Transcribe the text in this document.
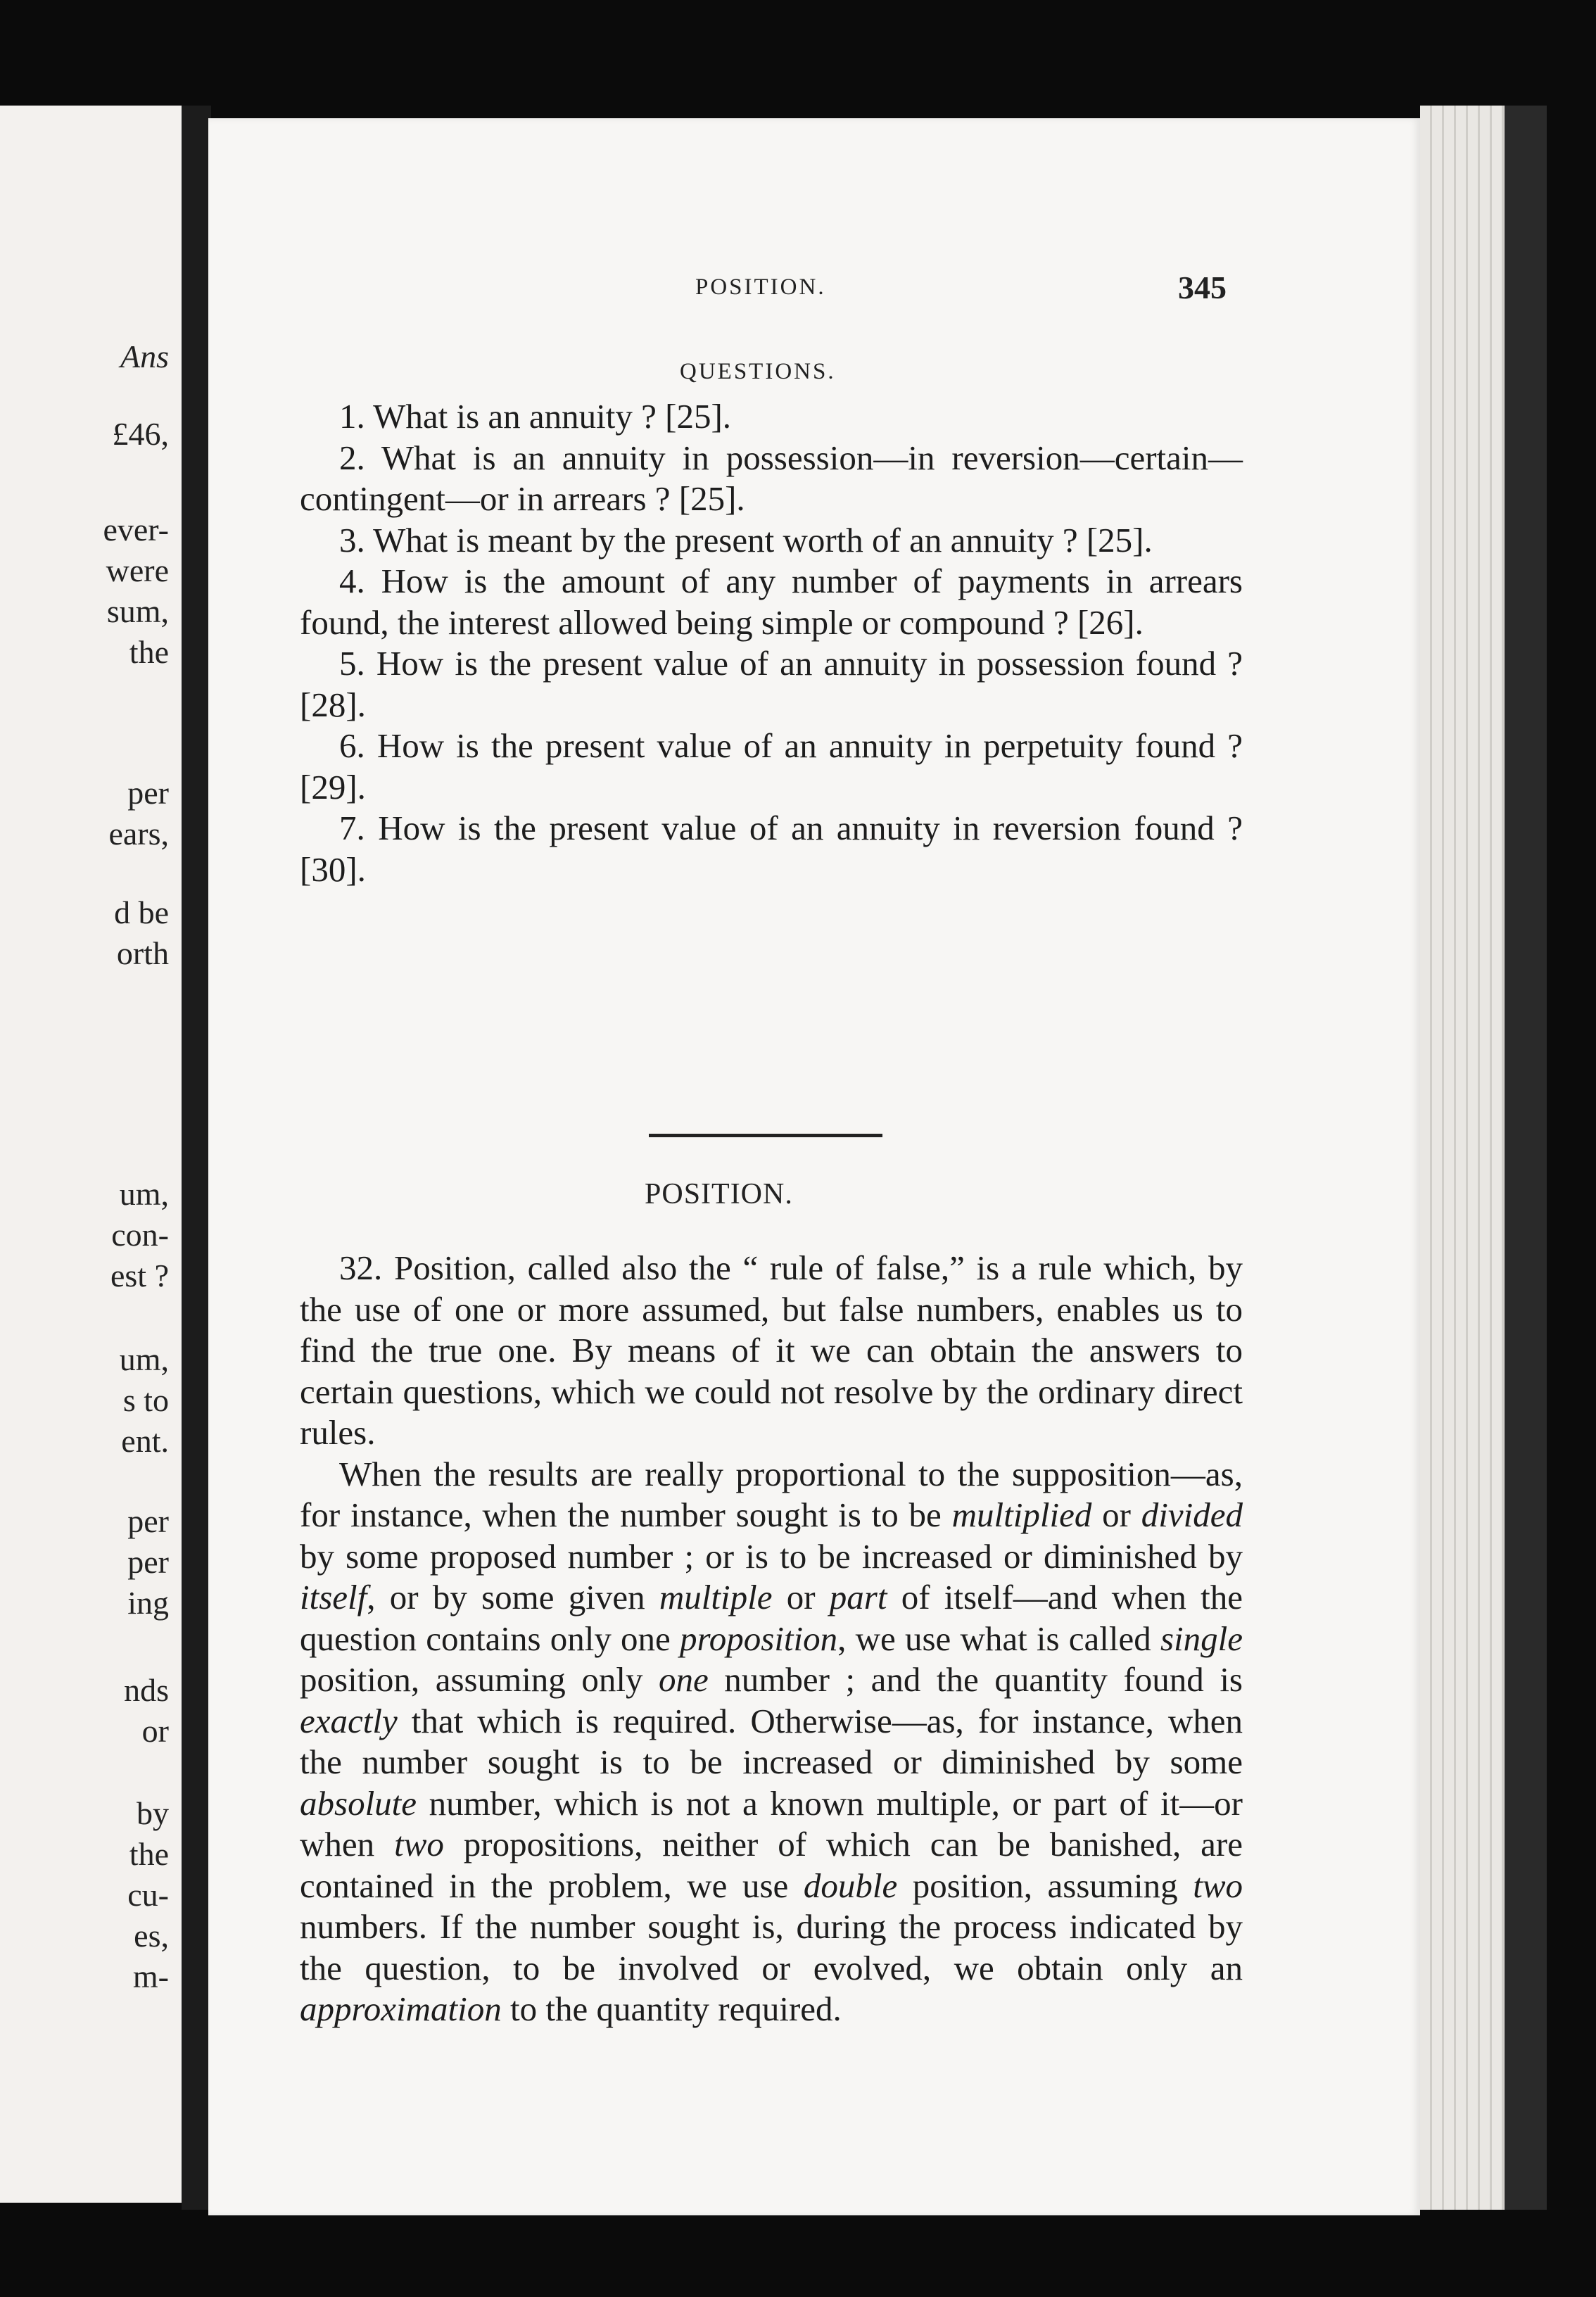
Ans
£46,
ever-
were
sum,
the
per
ears,
d be
orth
um,
con-
est ?
um,
s to
ent.
per
per
ing
nds
or
by
the
cu-
es,
m-
POSITION.	345
QUESTIONS.

1. What is an annuity ? [25].

2. What is an annuity in possession—in reversion—certain—contingent—or in arrears ? [25].

3. What is meant by the present worth of an annuity ? [25].

4. How is the amount of any number of payments in arrears found, the interest allowed being simple or compound ? [26].

5. How is the present value of an annuity in possession found ? [28].

6. How is the present value of an annuity in perpetuity found ? [29].

7. How is the present value of an annuity in reversion found ? [30].

POSITION.

32. Position, called also the “ rule of false,” is a rule which, by the use of one or more assumed, but false numbers, enables us to find the true one. By means of it we can obtain the answers to certain questions, which we could not resolve by the ordinary direct rules.

When the results are really proportional to the supposition—as, for instance, when the number sought is to be multiplied or divided by some proposed number ; or is to be increased or diminished by itself, or by some given multiple or part of itself—and when the question contains only one proposition, we use what is called single position, assuming only one number ; and the quantity found is exactly that which is required. Otherwise—as, for instance, when the number sought is to be increased or diminished by some absolute number, which is not a known multiple, or part of it—or when two propositions, neither of which can be banished, are contained in the problem, we use double position, assuming two numbers. If the number sought is, during the process indicated by the question, to be involved or evolved, we obtain only an approximation to the quantity required.
